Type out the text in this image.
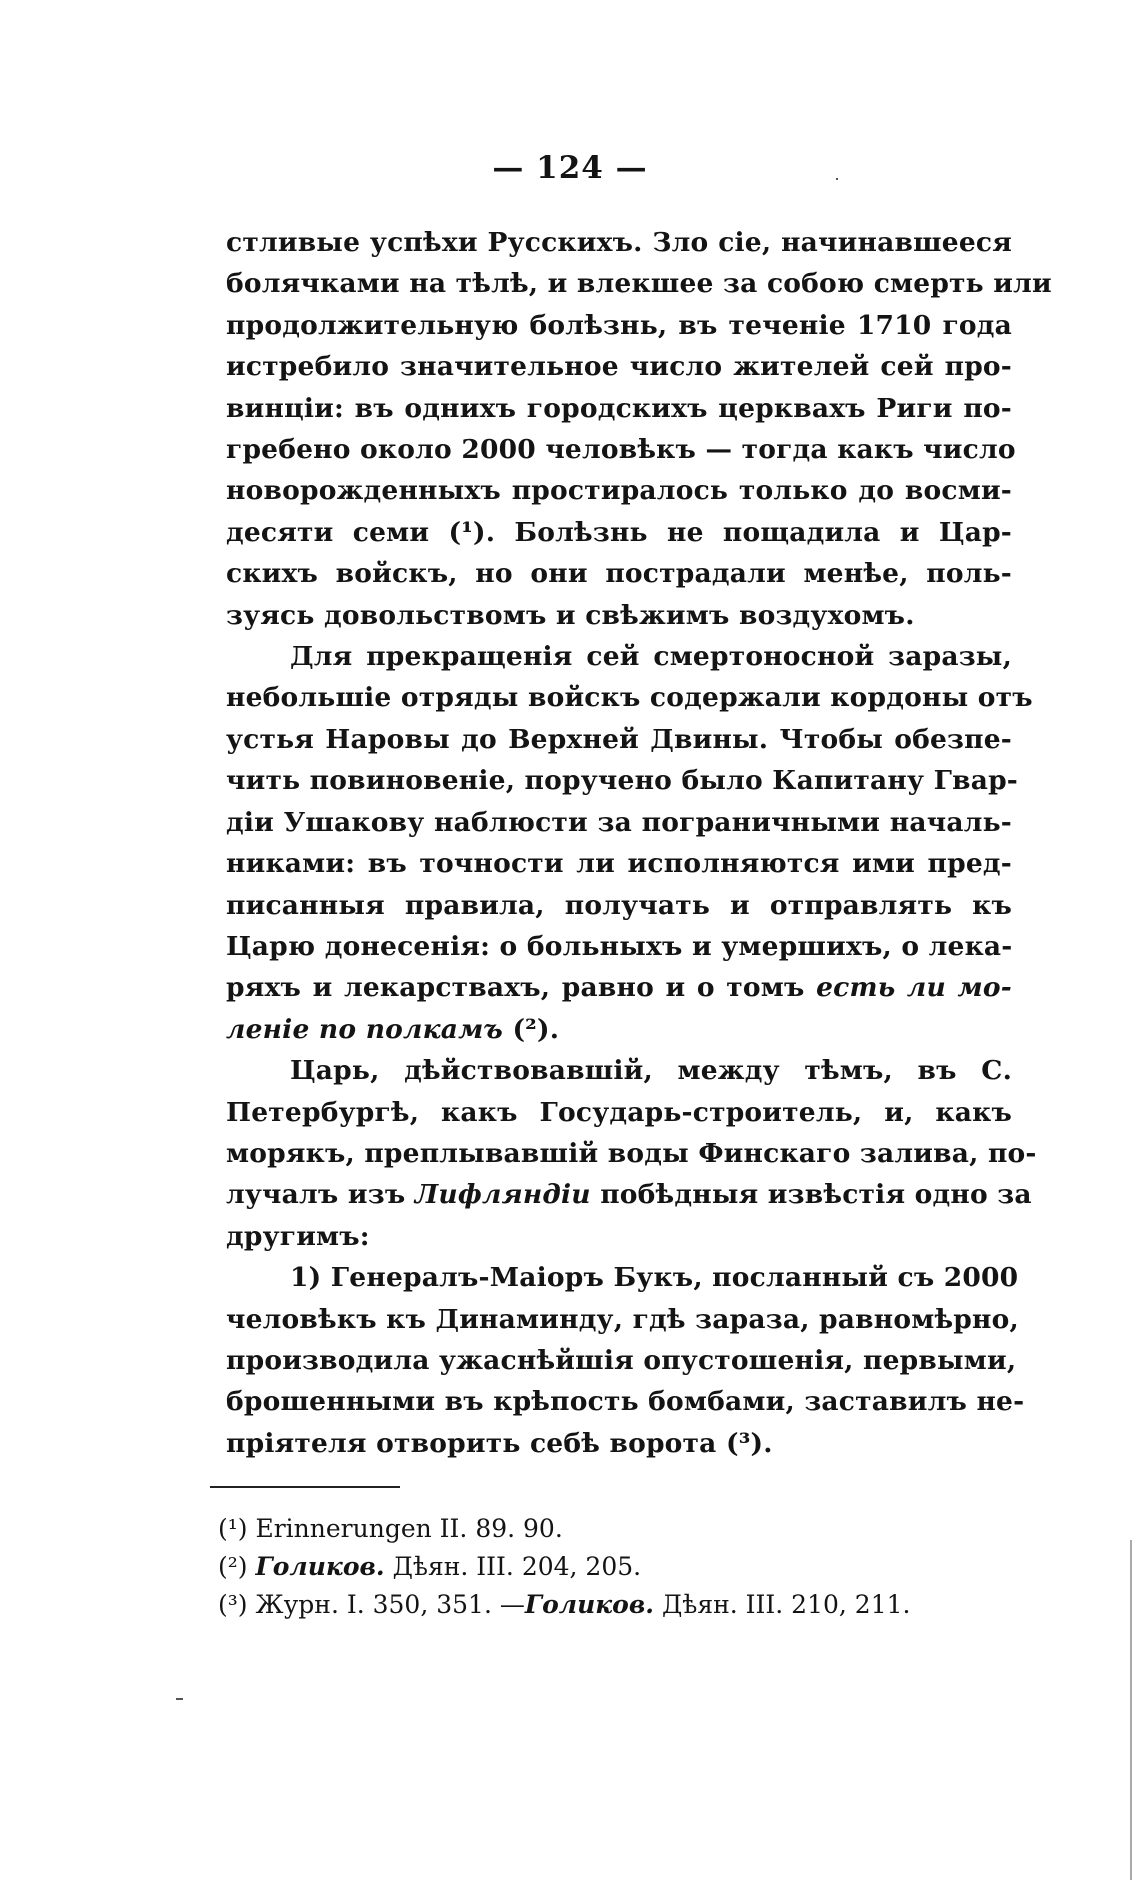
— 124 —
стливые успѣхи Русскихъ. Зло сіе, начинавшееся
болячками на тѣлѣ, и влекшее за собою смерть или
продолжительную болѣзнь, въ теченіе 1710 года
истребило значительное число жителей сей про-
винціи: въ однихъ городскихъ церквахъ Риги по-
гребено около 2000 человѣкъ — тогда какъ число
новорожденныхъ простиралось только до восми-
десяти семи (¹). Болѣзнь не пощадила и Цар-
скихъ войскъ, но они пострадали менѣе, поль-
зуясь довольствомъ и свѣжимъ воздухомъ.
Для прекращенія сей смертоносной заразы,
небольшіе отряды войскъ содержали кордоны отъ
устья Наровы до Верхней Двины. Чтобы обезпе-
чить повиновеніе, поручено было Капитану Гвар-
діи Ушакову наблюсти за пограничными началь-
никами: въ точности ли исполняются ими пред-
писанныя правила, получать и отправлять къ
Царю донесенія: о больныхъ и умершихъ, о лека-
ряхъ и лекарствахъ, равно и о томъ есть ли мо-
леніе по полкамъ (²).
Царь, дѣйствовавшій, между тѣмъ, въ С.
Петербургѣ, какъ Государь-строитель, и, какъ
морякъ, преплывавшій воды Финскаго залива, по-
лучалъ изъ Лифляндіи побѣдныя извѣстія одно за
другимъ:
1) Генералъ-Маіоръ Букъ, посланный съ 2000
человѣкъ къ Динаминду, гдѣ зараза, равномѣрно,
производила ужаснѣйшія опустошенія, первыми,
брошенными въ крѣпость бомбами, заставилъ не-
пріятеля отворить себѣ ворота (³).
(¹) Erinnerungen II. 89. 90.
(²) Голиков. Дѣян. III. 204, 205.
(³) Журн. I. 350, 351. —Голиков. Дѣян. III. 210, 211.
